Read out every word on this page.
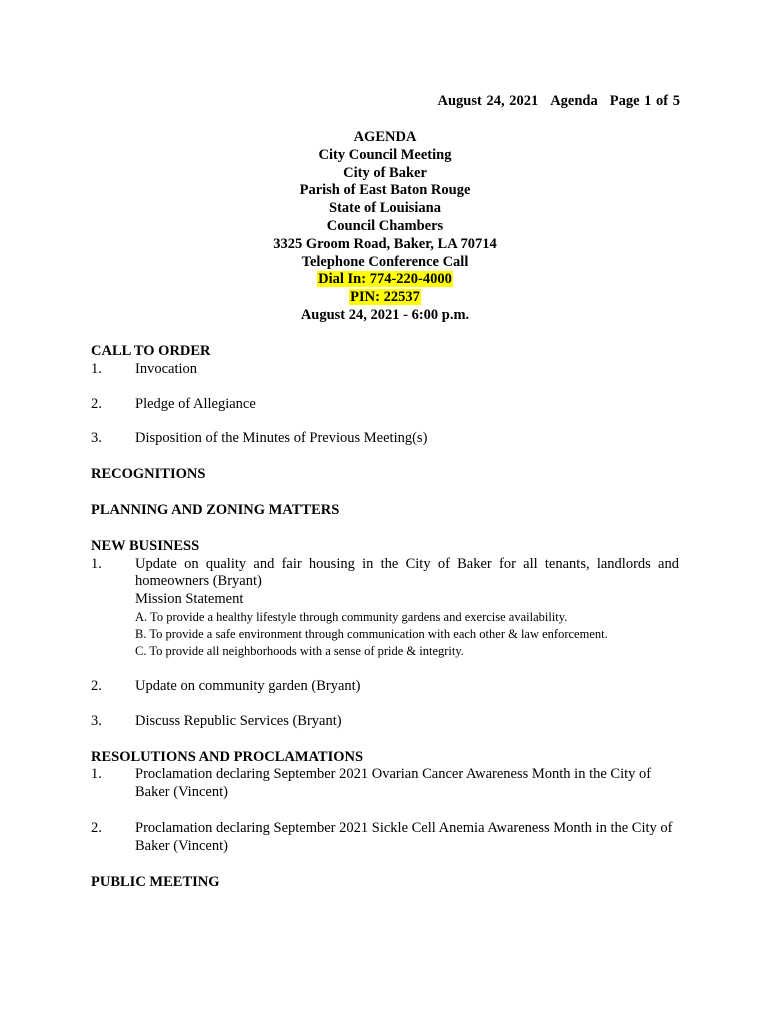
August 24, 2021 Agenda Page 1 of 5
AGENDA
City Council Meeting
City of Baker
Parish of East Baton Rouge
State of Louisiana
Council Chambers
3325 Groom Road, Baker, LA 70714
Telephone Conference Call
Dial In: 774-220-4000
PIN: 22537
August 24, 2021 - 6:00 p.m.
CALL TO ORDER
1.	Invocation
2.	Pledge of Allegiance
3.	Disposition of the Minutes of Previous Meeting(s)
RECOGNITIONS
PLANNING AND ZONING MATTERS
NEW BUSINESS
1.	Update on quality and fair housing in the City of Baker for all tenants, landlords and homeowners (Bryant)
Mission Statement
A. To provide a healthy lifestyle through community gardens and exercise availability.
B. To provide a safe environment through communication with each other & law enforcement.
C. To provide all neighborhoods with a sense of pride & integrity.
2.	Update on community garden (Bryant)
3.	Discuss Republic Services (Bryant)
RESOLUTIONS AND PROCLAMATIONS
1.	Proclamation declaring September 2021 Ovarian Cancer Awareness Month in the City of Baker (Vincent)
2.	Proclamation declaring September 2021 Sickle Cell Anemia Awareness Month in the City of Baker (Vincent)
PUBLIC MEETING
